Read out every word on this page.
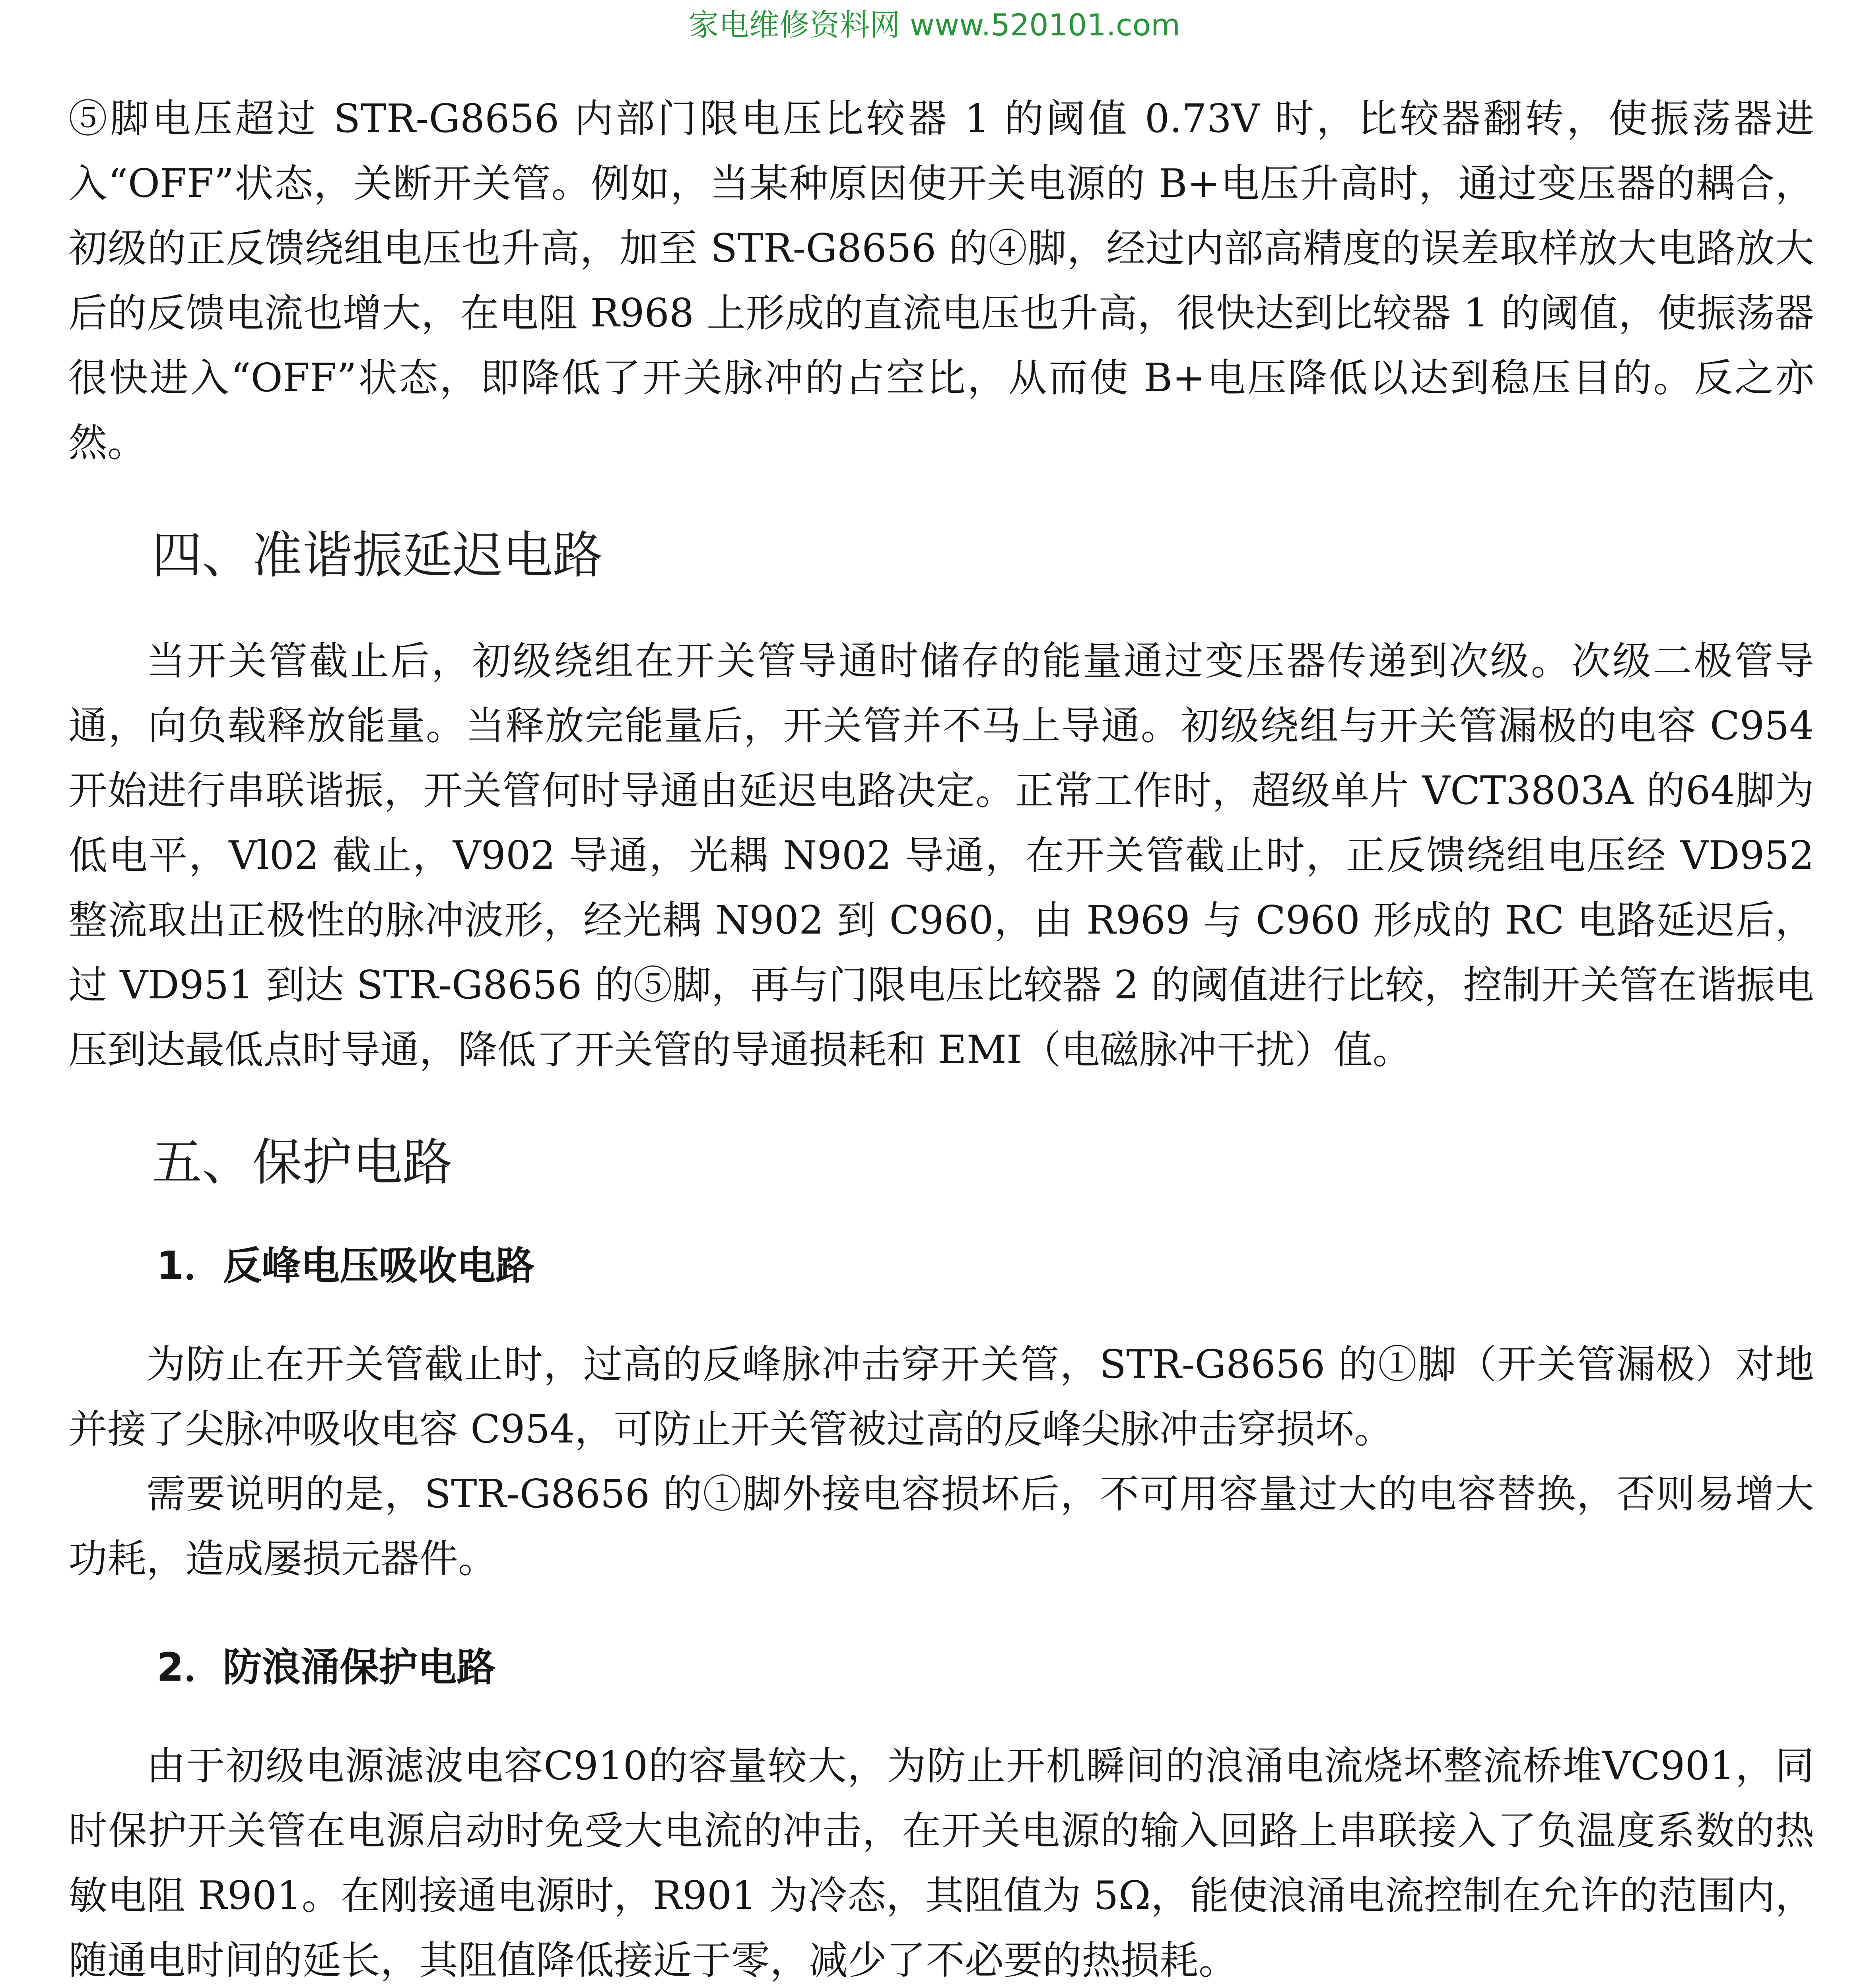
家电维修资料网 www.520101.com

⑤脚电压超过 STR-G8656 内部门限电压比较器 1 的阈值 0.73V 时，比较器翻转，使振荡器进入“OFF”状态，关断开关管。例如，当某种原因使开关电源的 B+电压升高时，通过变压器的耦合，初级的正反馈绕组电压也升高，加至 STR-G8656 的④脚，经过内部高精度的误差取样放大电路放大后的反馈电流也增大，在电阻 R968 上形成的直流电压也升高，很快达到比较器 1 的阈值，使振荡器很快进入“OFF”状态，即降低了开关脉冲的占空比，从而使 B+电压降低以达到稳压目的。反之亦然。

四、准谐振延迟电路

当开关管截止后，初级绕组在开关管导通时储存的能量通过变压器传递到次级。次级二极管导通，向负载释放能量。当释放完能量后，开关管并不马上导通。初级绕组与开关管漏极的电容 C954 开始进行串联谐振，开关管何时导通由延迟电路决定。正常工作时，超级单片 VCT3803A 的64脚为低电平，Vl02 截止，V902 导通，光耦 N902 导通，在开关管截止时，正反馈绕组电压经 VD952 整流取出正极性的脉冲波形，经光耦 N902 到 C960，由 R969 与 C960 形成的 RC 电路延迟后，过 VD951 到达 STR-G8656 的⑤脚，再与门限电压比较器 2 的阈值进行比较，控制开关管在谐振电压到达最低点时导通，降低了开关管的导通损耗和 EMI（电磁脉冲干扰）值。

五、保护电路
1．反峰电压吸收电路

为防止在开关管截止时，过高的反峰脉冲击穿开关管，STR-G8656 的①脚（开关管漏极）对地并接了尖脉冲吸收电容 C954，可防止开关管被过高的反峰尖脉冲击穿损坏。

需要说明的是，STR-G8656 的①脚外接电容损坏后，不可用容量过大的电容替换，否则易增大功耗，造成屡损元器件。

2．防浪涌保护电路

由于初级电源滤波电容C910的容量较大，为防止开机瞬间的浪涌电流烧坏整流桥堆VC901，同时保护开关管在电源启动时免受大电流的冲击，在开关电源的输入回路上串联接入了负温度系数的热敏电阻 R901。在刚接通电源时，R901 为冷态，其阻值为 5Ω，能使浪涌电流控制在允许的范围内，随通电时间的延长，其阻值降低接近于零，减少了不必要的热损耗。
